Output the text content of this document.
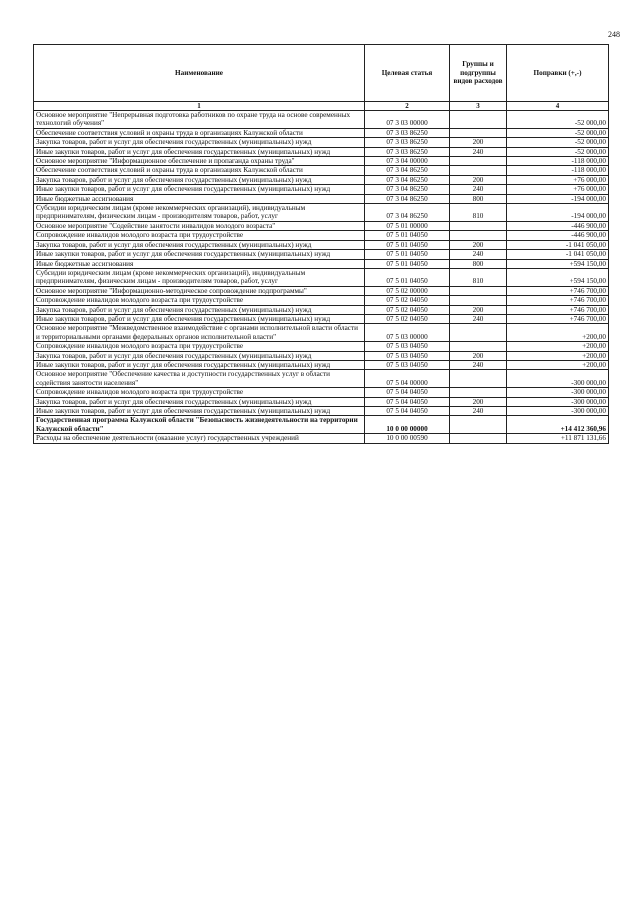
248
Наименование	Целевая статья	Группы и подгруппы видов расходов	Поправки (+,-)
1	2	3	4
Основное мероприятие "Непрерывная подготовка работников по охране труда на основе современных технологий обучения"	07 3 03 00000		-52 000,00
Обеспечение соответствия условий и охраны труда в организациях Калужской области	07 3 03 86250		-52 000,00
Закупка товаров, работ и услуг для обеспечения государственных (муниципальных) нужд	07 3 03 86250	200	-52 000,00
Иные закупки товаров, работ и услуг для обеспечения государственных (муниципальных) нужд	07 3 03 86250	240	-52 000,00
Основное мероприятие "Информационное обеспечение и пропаганда охраны труда"	07 3 04 00000		-118 000,00
Обеспечение соответствия условий и охраны труда в организациях Калужской области	07 3 04 86250		-118 000,00
Закупка товаров, работ и услуг для обеспечения государственных (муниципальных) нужд	07 3 04 86250	200	+76 000,00
Иные закупки товаров, работ и услуг для обеспечения государственных (муниципальных) нужд	07 3 04 86250	240	+76 000,00
Иные бюджетные ассигнования	07 3 04 86250	800	-194 000,00
Субсидии юридическим лицам (кроме некоммерческих организаций), индивидуальным предпринимателям, физическим лицам - производителям товаров, работ, услуг	07 3 04 86250	810	-194 000,00
Основное мероприятие "Содействие занятости инвалидов молодого возраста"	07 5 01 00000		-446 900,00
Сопровождение инвалидов молодого возраста при трудоустройстве	07 5 01 04050		-446 900,00
Закупка товаров, работ и услуг для обеспечения государственных (муниципальных) нужд	07 5 01 04050	200	-1 041 050,00
Иные закупки товаров, работ и услуг для обеспечения государственных (муниципальных) нужд	07 5 01 04050	240	-1 041 050,00
Иные бюджетные ассигнования	07 5 01 04050	800	+594 150,00
Субсидии юридическим лицам (кроме некоммерческих организаций), индивидуальным предпринимателям, физическим лицам - производителям товаров, работ, услуг	07 5 01 04050	810	+594 150,00
Основное мероприятие "Информационно-методическое сопровождение подпрограммы"	07 5 02 00000		+746 700,00
Сопровождение инвалидов молодого возраста при трудоустройстве	07 5 02 04050		+746 700,00
Закупка товаров, работ и услуг для обеспечения государственных (муниципальных) нужд	07 5 02 04050	200	+746 700,00
Иные закупки товаров, работ и услуг для обеспечения государственных (муниципальных) нужд	07 5 02 04050	240	+746 700,00
Основное мероприятие "Межведомственное взаимодействие с органами исполнительной власти области и территориальными органами федеральных органов исполнительной власти"	07 5 03 00000		+200,00
Сопровождение инвалидов молодого возраста при трудоустройстве	07 5 03 04050		+200,00
Закупка товаров, работ и услуг для обеспечения государственных (муниципальных) нужд	07 5 03 04050	200	+200,00
Иные закупки товаров, работ и услуг для обеспечения государственных (муниципальных) нужд	07 5 03 04050	240	+200,00
Основное мероприятие "Обеспечение качества и доступности государственных услуг в области содействия занятости населения"	07 5 04 00000		-300 000,00
Сопровождение инвалидов молодого возраста при трудоустройстве	07 5 04 04050		-300 000,00
Закупка товаров, работ и услуг для обеспечения государственных (муниципальных) нужд	07 5 04 04050	200	-300 000,00
Иные закупки товаров, работ и услуг для обеспечения государственных (муниципальных) нужд	07 5 04 04050	240	-300 000,00
Государственная программа Калужской области "Безопасность жизнедеятельности на территории Калужской области"	10 0 00 00000		+14 412 360,96
Расходы на обеспечение деятельности (оказание услуг) государственных учреждений	10 0 00 00590		+11 871 131,66
